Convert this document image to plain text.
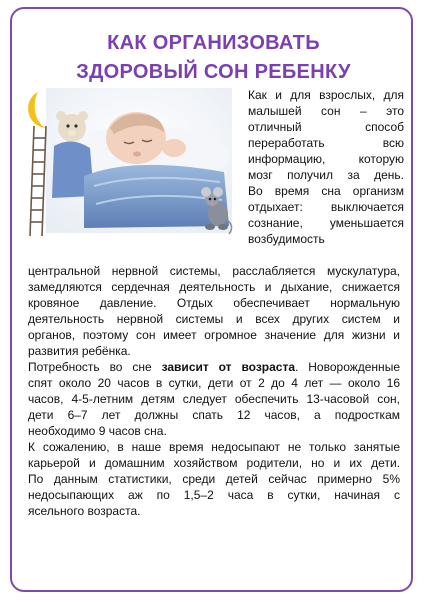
КАК ОРГАНИЗОВАТЬ
ЗДОРОВЫЙ СОН РЕБЕНКУ
Как и для взрослых, для
малышей сон – это
отличный способ
переработать всю
информацию, которую
мозг получил за день.
Во время сна организм
отдыхает: выключается
сознание, уменьшается
возбудимость
центральной нервной системы, расслабляется мускулатура,
замедляются сердечная деятельность и дыхание, снижается
кровяное давление. Отдых обеспечивает нормальную
деятельность нервной системы и всех других систем и
органов, поэтому сон имеет огромное значение для жизни и
развития ребёнка.
Потребность во сне зависит от возраста. Новорожденные
спят около 20 часов в сутки, дети от 2 до 4 лет — около 16
часов, 4-5-летним детям следует обеспечить 13-часовой сон,
дети 6–7 лет должны спать 12 часов, а подросткам
необходимо 9 часов сна.
К сожалению, в наше время недосыпают не только занятые
карьерой и домашним хозяйством родители, но и их дети.
По данным статистики, среди детей сейчас примерно 5%
недосыпающих аж по 1,5–2 часа в сутки, начиная с
ясельного возраста.
